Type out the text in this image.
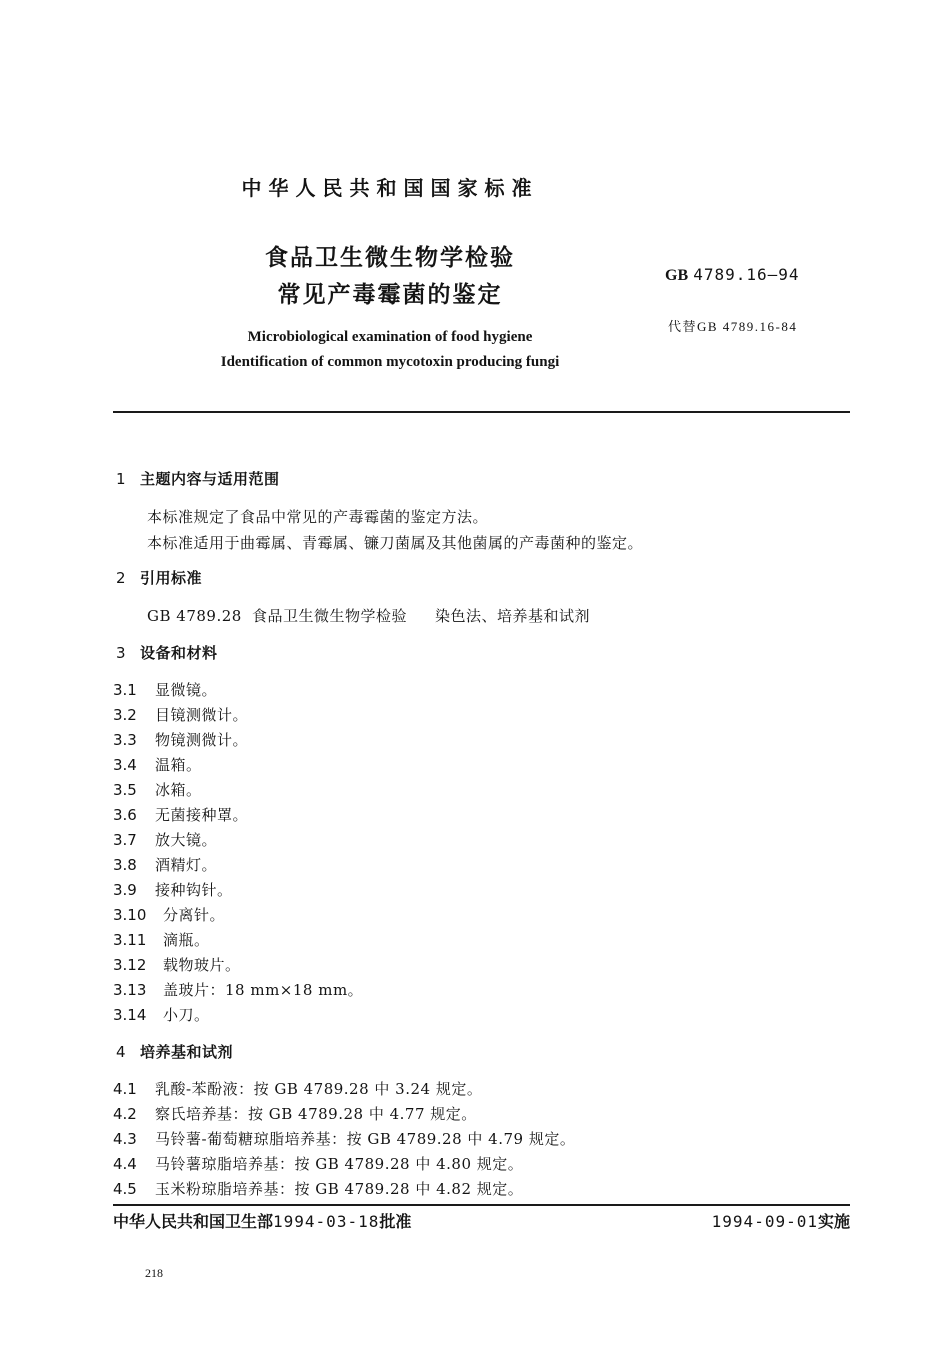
中华人民共和国国家标准
食品卫生微生物学检验
常见产毒霉菌的鉴定
GB 4789.16—94
代替GB 4789.16-84
Microbiological examination of food hygiene
Identification of common mycotoxin producing fungi
1 主题内容与适用范围
本标准规定了食品中常见的产毒霉菌的鉴定方法。
本标准适用于曲霉属、青霉属、镰刀菌属及其他菌属的产毒菌种的鉴定。
2 引用标准
GB 4789.28 食品卫生微生物学检验 染色法、培养基和试剂
3 设备和材料
3.1 显微镜。
3.2 目镜测微计。
3.3 物镜测微计。
3.4 温箱。
3.5 冰箱。
3.6 无菌接种罩。
3.7 放大镜。
3.8 酒精灯。
3.9 接种钩针。
3.10 分离针。
3.11 滴瓶。
3.12 载物玻片。
3.13 盖玻片：18 mm×18 mm。
3.14 小刀。
4 培养基和试剂
4.1 乳酸-苯酚液：按 GB 4789.28 中 3.24 规定。
4.2 察氏培养基：按 GB 4789.28 中 4.77 规定。
4.3 马铃薯-葡萄糖琼脂培养基：按 GB 4789.28 中 4.79 规定。
4.4 马铃薯琼脂培养基：按 GB 4789.28 中 4.80 规定。
4.5 玉米粉琼脂培养基：按 GB 4789.28 中 4.82 规定。
中华人民共和国卫生部1994-03-18批准	1994-09-01实施
218
